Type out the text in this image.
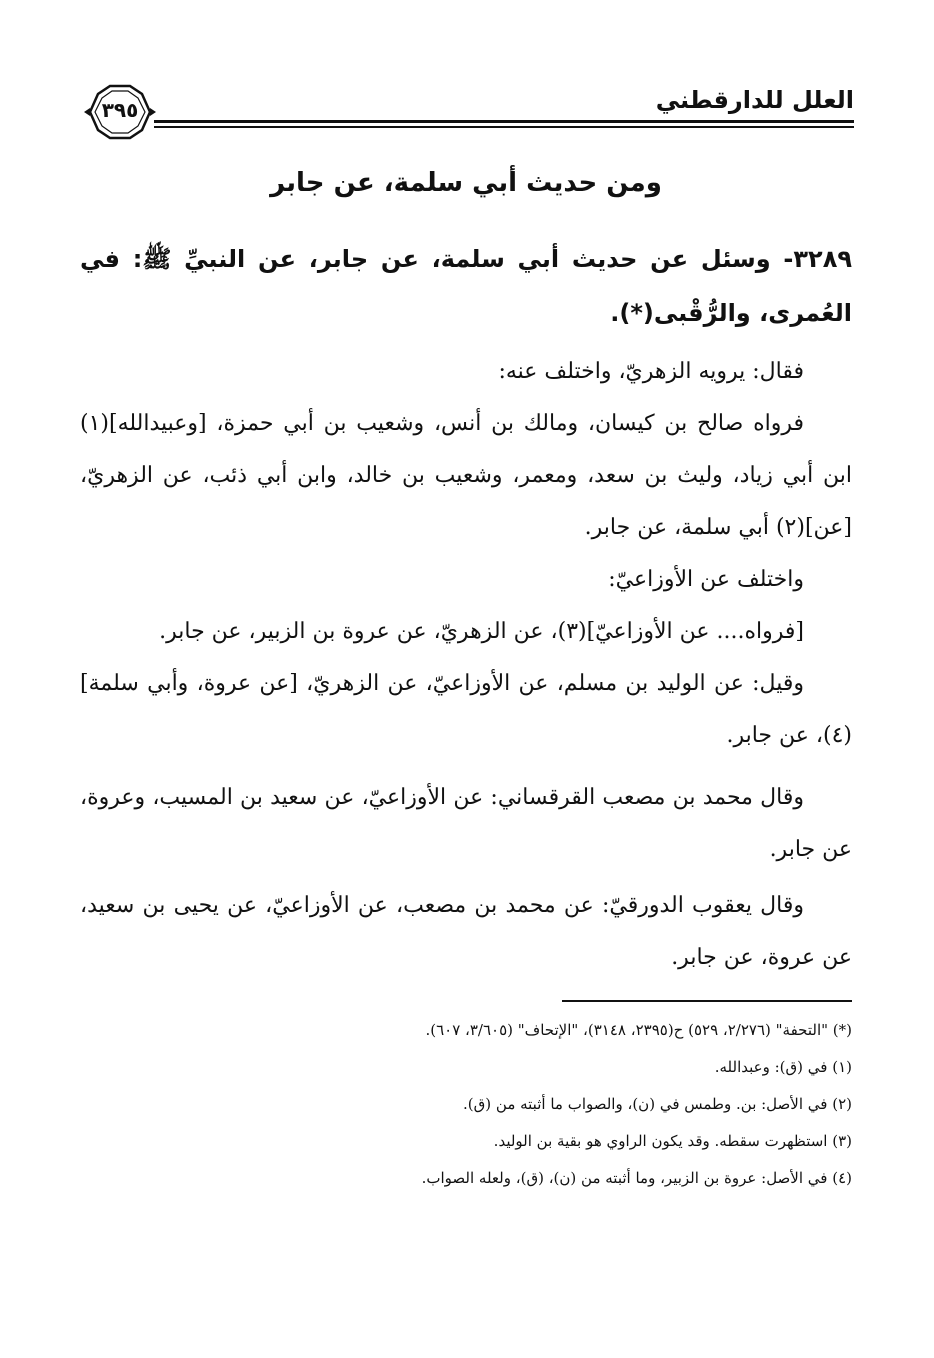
العلل للدارقطني
٣٩٥
ومن حديث أبي سلمة، عن جابر

٣٢٨٩- وسئل عن حديث أبي سلمة، عن جابر، عن النبيِّ ﷺ: في العُمرى، والرُّقْبى(*).

فقال: يرويه الزهريّ، واختلف عنه:

فرواه صالح بن كيسان، ومالك بن أنس، وشعيب بن أبي حمزة، [وعبيدالله](١) ابن أبي زياد، وليث بن سعد، ومعمر، وشعيب بن خالد، وابن أبي ذئب، عن الزهريّ، [عن](٢) أبي سلمة، عن جابر.

واختلف عن الأوزاعيّ:

[فرواه.... عن الأوزاعيّ](٣)، عن الزهريّ، عن عروة بن الزبير، عن جابر.

وقيل: عن الوليد بن مسلم، عن الأوزاعيّ، عن الزهريّ، [عن عروة، وأبي سلمة](٤)، عن جابر.

وقال محمد بن مصعب القرقساني: عن الأوزاعيّ، عن سعيد بن المسيب، وعروة، عن جابر.

وقال يعقوب الدورقيّ: عن محمد بن مصعب، عن الأوزاعيّ، عن يحيى بن سعيد، عن عروة، عن جابر.

(*) "التحفة" (٢/٢٧٦، ٥٢٩) ح(٢٣٩٥، ٣١٤٨)، "الإتحاف" (٣/٦٠٥، ٦٠٧).

(١) في (ق): وعبدالله.

(٢) في الأصل: بن. وطمس في (ن)، والصواب ما أثبته من (ق).

(٣) استظهرت سقطه. وقد يكون الراوي هو بقية بن الوليد.

(٤) في الأصل: عروة بن الزبير، وما أثبته من (ن)، (ق)، ولعله الصواب.
